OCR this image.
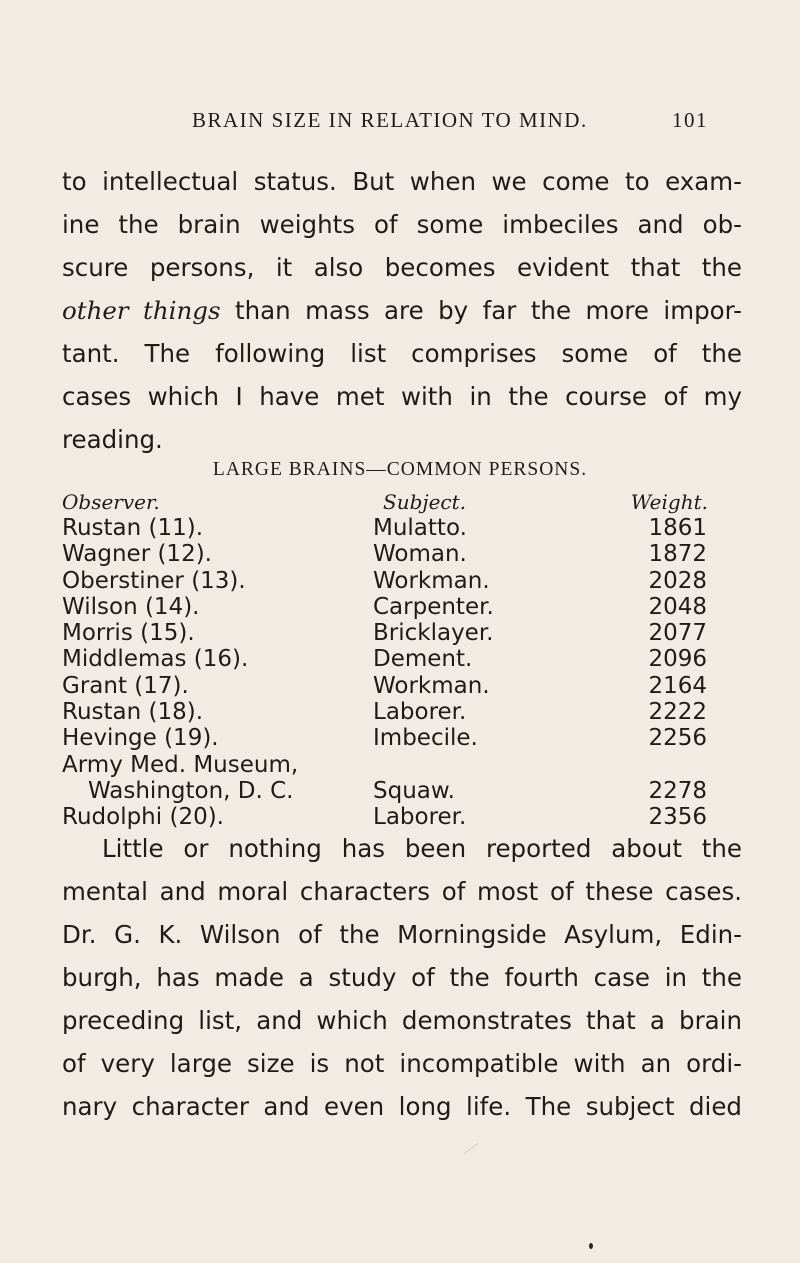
BRAIN SIZE IN RELATION TO MIND.	101
to intellectual status. But when we come to exam-
ine the brain weights of some imbeciles and ob-
scure persons, it also becomes evident that the
other things than mass are by far the more impor-
tant. The following list comprises some of the
cases which I have met with in the course of my
reading.
LARGE BRAINS—COMMON PERSONS.
Observer.	Subject.	Weight.
Rustan (11).	Mulatto.	1861
Wagner (12).	Woman.	1872
Oberstiner (13).	Workman.	2028
Wilson (14).	Carpenter.	2048
Morris (15).	Bricklayer.	2077
Middlemas (16).	Dement.	2096
Grant (17).	Workman.	2164
Rustan (18).	Laborer.	2222
Hevinge (19).	Imbecile.	2256
Army Med. Museum,
Washington, D. C.	Squaw.	2278
Rudolphi (20).	Laborer.	2356
Little or nothing has been reported about the
mental and moral characters of most of these cases.
Dr. G. K. Wilson of the Morningside Asylum, Edin-
burgh, has made a study of the fourth case in the
preceding list, and which demonstrates that a brain
of very large size is not incompatible with an ordi-
nary character and even long life. The subject died
